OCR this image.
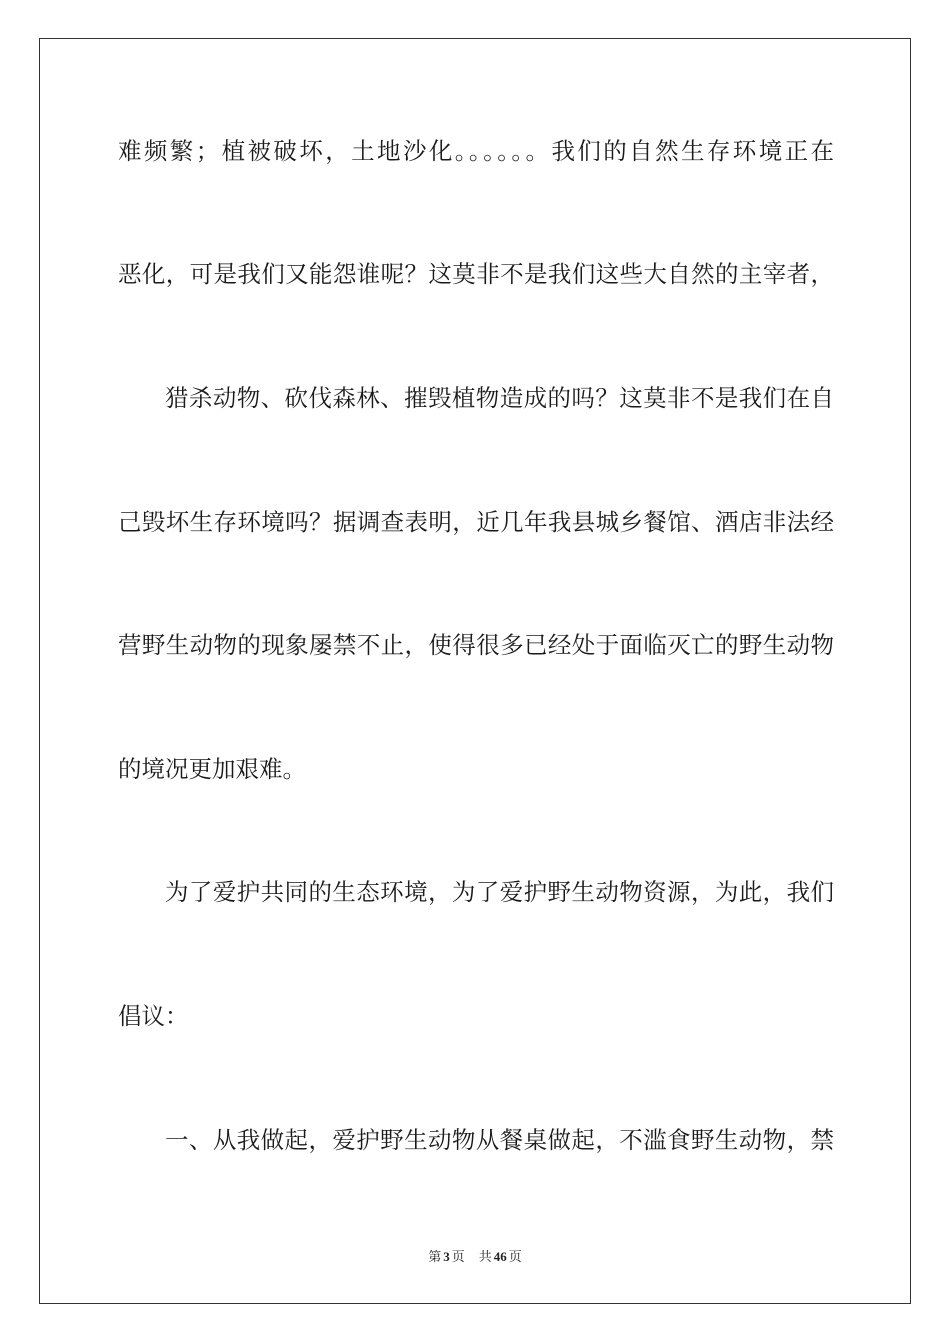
难频繁；植被破坏，土地沙化。。。。。。我们的自然生存环境正在
恶化，可是我们又能怨谁呢？这莫非不是我们这些大自然的主宰者，
猎杀动物、砍伐森林、摧毁植物造成的吗？这莫非不是我们在自
己毁坏生存环境吗？据调查表明，近几年我县城乡餐馆、酒店非法经
营野生动物的现象屡禁不止，使得很多已经处于面临灭亡的野生动物
的境况更加艰难。
为了爱护共同的生态环境，为了爱护野生动物资源，为此，我们
倡议：
一、从我做起，爱护野生动物从餐桌做起，不滥食野生动物，禁
第 3 页 共 46 页
